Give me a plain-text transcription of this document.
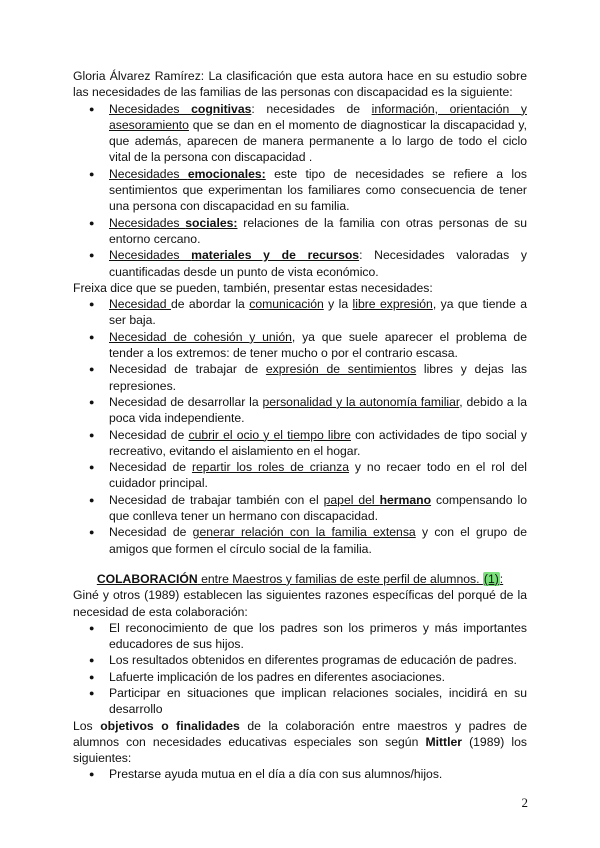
Gloria Álvarez Ramírez: La clasificación que esta autora hace en su estudio sobre las necesidades de las familias de las personas con discapacidad es la siguiente:

● Necesidades cognitivas: necesidades de información, orientación y asesoramiento que se dan en el momento de diagnosticar la discapacidad y, que además, aparecen de manera permanente a lo largo de todo el ciclo vital de la persona con discapacidad .
● Necesidades emocionales: este tipo de necesidades se refiere a los sentimientos que experimentan los familiares como consecuencia de tener una persona con discapacidad en su familia.
● Necesidades sociales: relaciones de la familia con otras personas de su entorno cercano.
● Necesidades materiales y de recursos: Necesidades valoradas y cuantificadas desde un punto de vista económico.

Freixa dice que se pueden, también, presentar estas necesidades:

● Necesidad de abordar la comunicación y la libre expresión, ya que tiende a ser baja.
● Necesidad de cohesión y unión, ya que suele aparecer el problema de tender a los extremos: de tener mucho o por el contrario escasa.
● Necesidad de trabajar de expresión de sentimientos libres y dejas las represiones.
● Necesidad de desarrollar la personalidad y la autonomía familiar, debido a la poca vida independiente.
● Necesidad de cubrir el ocio y el tiempo libre con actividades de tipo social y recreativo, evitando el aislamiento en el hogar.
● Necesidad de repartir los roles de crianza y no recaer todo en el rol del cuidador principal.
● Necesidad de trabajar también con el papel del hermano compensando lo que conlleva tener un hermano con discapacidad.
● Necesidad de generar relación con la familia extensa y con el grupo de amigos que formen el círculo social de la familia.

COLABORACIÓN entre Maestros y familias de este perfil de alumnos. (1):

Giné y otros (1989) establecen las siguientes razones específicas del porqué de la necesidad de esta colaboración:

● El reconocimiento de que los padres son los primeros y más importantes educadores de sus hijos.
● Los resultados obtenidos en diferentes programas de educación de padres.
● Lafuerte implicación de los padres en diferentes asociaciones.
● Participar en situaciones que implican relaciones sociales, incidirá en su desarrollo

Los objetivos o finalidades de la colaboración entre maestros y padres de alumnos con necesidades educativas especiales son según Mittler (1989) los siguientes:

● Prestarse ayuda mutua en el día a día con sus alumnos/hijos.
2
